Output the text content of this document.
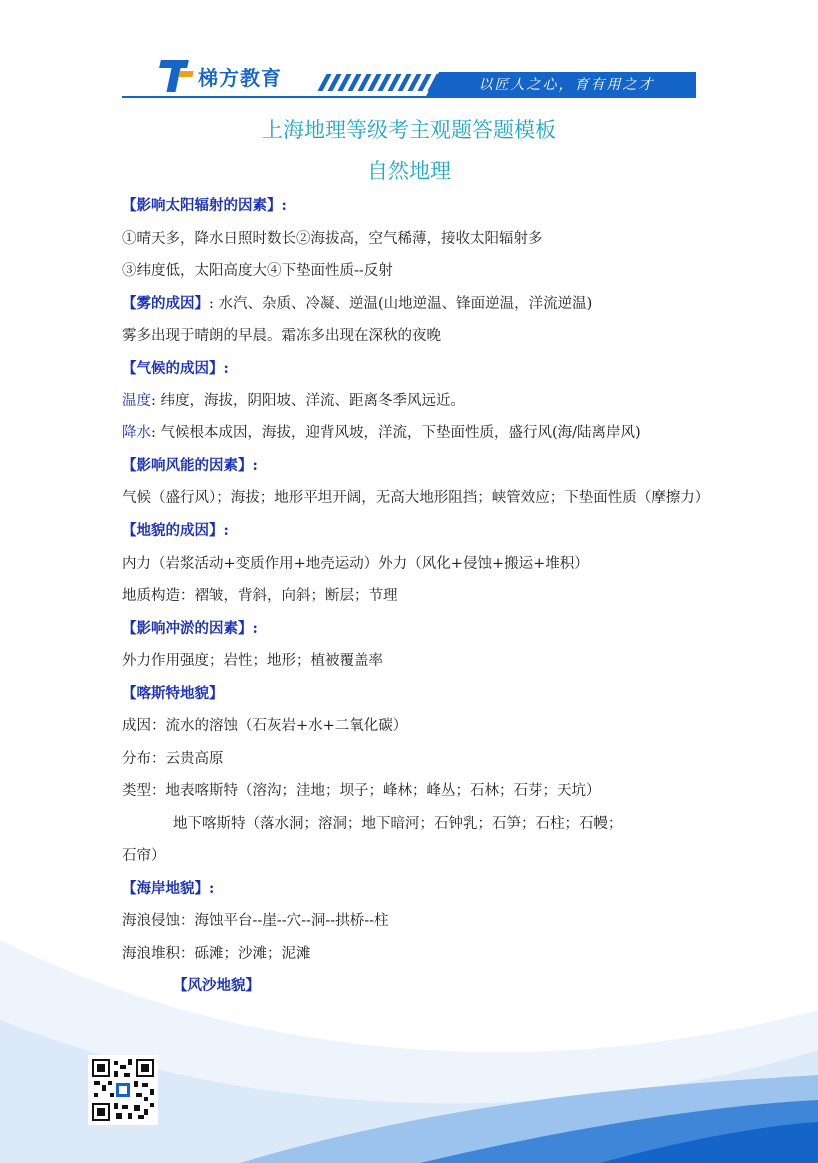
梯方教育	以匠人之心，育有用之才
上海地理等级考主观题答题模板
自然地理
【影响太阳辐射的因素】:
①晴天多，降水日照时数长②海拔高，空气稀薄，接收太阳辐射多
③纬度低，太阳高度大④下垫面性质--反射
【雾的成因】: 水汽、杂质、冷凝、逆温(山地逆温、锋面逆温，洋流逆温)
雾多出现于晴朗的早晨。霜冻多出现在深秋的夜晚
【气候的成因】:
温度: 纬度，海拔，阴阳坡、洋流、距离冬季风远近。
降水: 气候根本成因，海拔，迎背风坡，洋流，下垫面性质，盛行风(海/陆离岸风)
【影响风能的因素】:
气候（盛行风）；海拔；地形平坦开阔，无高大地形阻挡；峡管效应；下垫面性质（摩擦力）
【地貌的成因】:
内力（岩浆活动+变质作用+地壳运动）外力（风化+侵蚀+搬运+堆积）
地质构造：褶皱，背斜，向斜；断层；节理
【影响冲淤的因素】:
外力作用强度；岩性；地形；植被覆盖率
【喀斯特地貌】
成因：流水的溶蚀（石灰岩+水+二氧化碳）
分布：云贵高原
类型：地表喀斯特（溶沟；洼地；坝子；峰林；峰丛；石林；石芽；天坑）
地下喀斯特（落水洞；溶洞；地下暗河；石钟乳；石笋；石柱；石幔；
石帘）
【海岸地貌】:
海浪侵蚀：海蚀平台--崖--穴--洞--拱桥--柱
海浪堆积：砾滩；沙滩；泥滩
【风沙地貌】
